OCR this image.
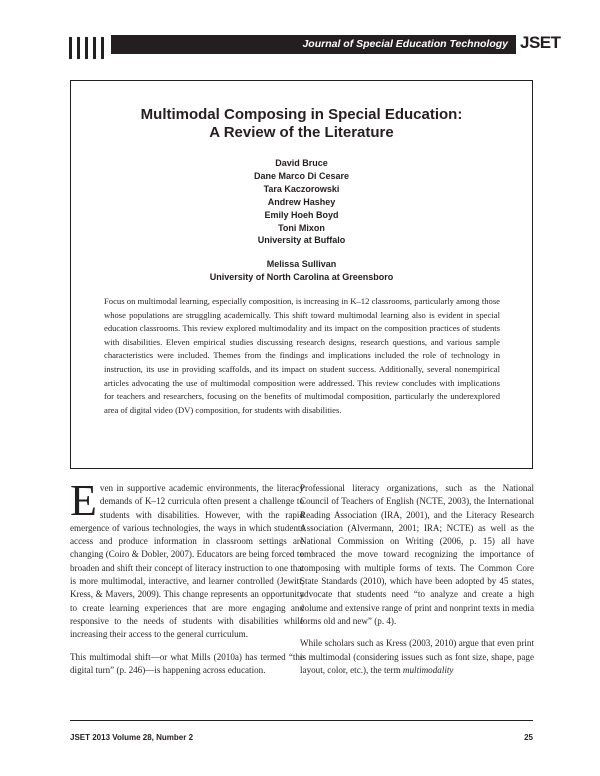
Journal of Special Education Technology JSET
Multimodal Composing in Special Education:
A Review of the Literature
David Bruce
Dane Marco Di Cesare
Tara Kaczorowski
Andrew Hashey
Emily Hoeh Boyd
Toni Mixon
University at Buffalo
Melissa Sullivan
University of North Carolina at Greensboro
Focus on multimodal learning, especially composition, is increasing in K–12 classrooms, particularly among those whose populations are struggling academically. This shift toward multimodal learning also is evident in special education classrooms. This review explored multimodality and its impact on the composition practices of students with disabilities. Eleven empirical studies discussing research designs, research questions, and various sample characteristics were included. Themes from the findings and implications included the role of technology in instruction, its use in providing scaffolds, and its impact on student success. Additionally, several nonempirical articles advocating the use of multimodal composition were addressed. This review concludes with implications for teachers and researchers, focusing on the benefits of multimodal composition, particularly the underexplored area of digital video (DV) composition, for students with disabilities.

Even in supportive academic environments, the literacy demands of K–12 curricula often present a challenge to students with disabilities. However, with the rapid emergence of various technologies, the ways in which students access and produce information in classroom settings are changing (Coiro & Dobler, 2007). Educators are being forced to broaden and shift their concept of literacy instruction to one that is more multimodal, interactive, and learner controlled (Jewitt, Kress, & Mavers, 2009). This change represents an opportunity to create learning experiences that are more engaging and responsive to the needs of students with disabilities while increasing their access to the general curriculum.

This multimodal shift—or what Mills (2010a) has termed “the digital turn” (p. 246)—is happening across education.

Professional literacy organizations, such as the National Council of Teachers of English (NCTE, 2003), the International Reading Association (IRA, 2001), and the Literacy Research Association (Alvermann, 2001; IRA; NCTE) as well as the National Commission on Writing (2006, p. 15) all have embraced the move toward recognizing the importance of composing with multiple forms of texts. The Common Core State Standards (2010), which have been adopted by 45 states, advocate that students need “to analyze and create a high volume and extensive range of print and nonprint texts in media forms old and new” (p. 4).

While scholars such as Kress (2003, 2010) argue that even print is multimodal (considering issues such as font size, shape, page layout, color, etc.), the term multimodality

JSET 2013 Volume 28, Number 2	25
